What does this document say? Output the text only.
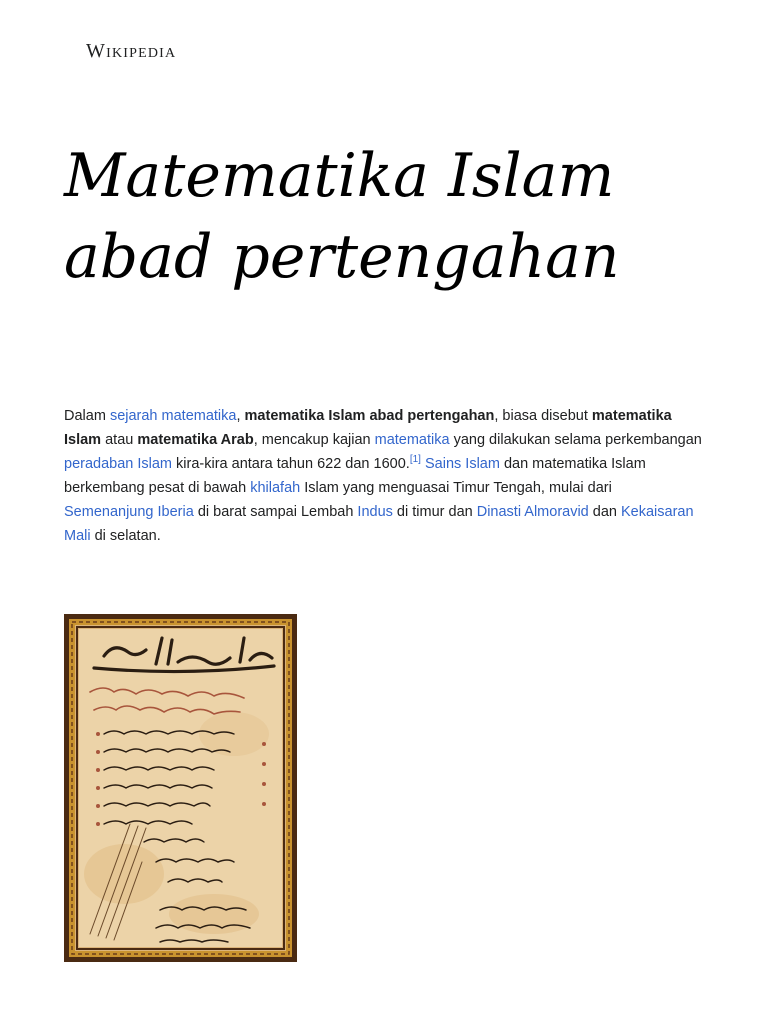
Wikipedia
Matematika Islam
abad pertengahan

Dalam sejarah matematika, matematika Islam abad pertengahan, biasa disebut matematika Islam atau matematika Arab, mencakup kajian matematika yang dilakukan selama perkembangan peradaban Islam kira-kira antara tahun 622 dan 1600.[1] Sains Islam dan matematika Islam berkembang pesat di bawah khilafah Islam yang menguasai Timur Tengah, mulai dari Semenanjung Iberia di barat sampai Lembah Indus di timur dan Dinasti Almoravid dan Kekaisaran Mali di selatan.
